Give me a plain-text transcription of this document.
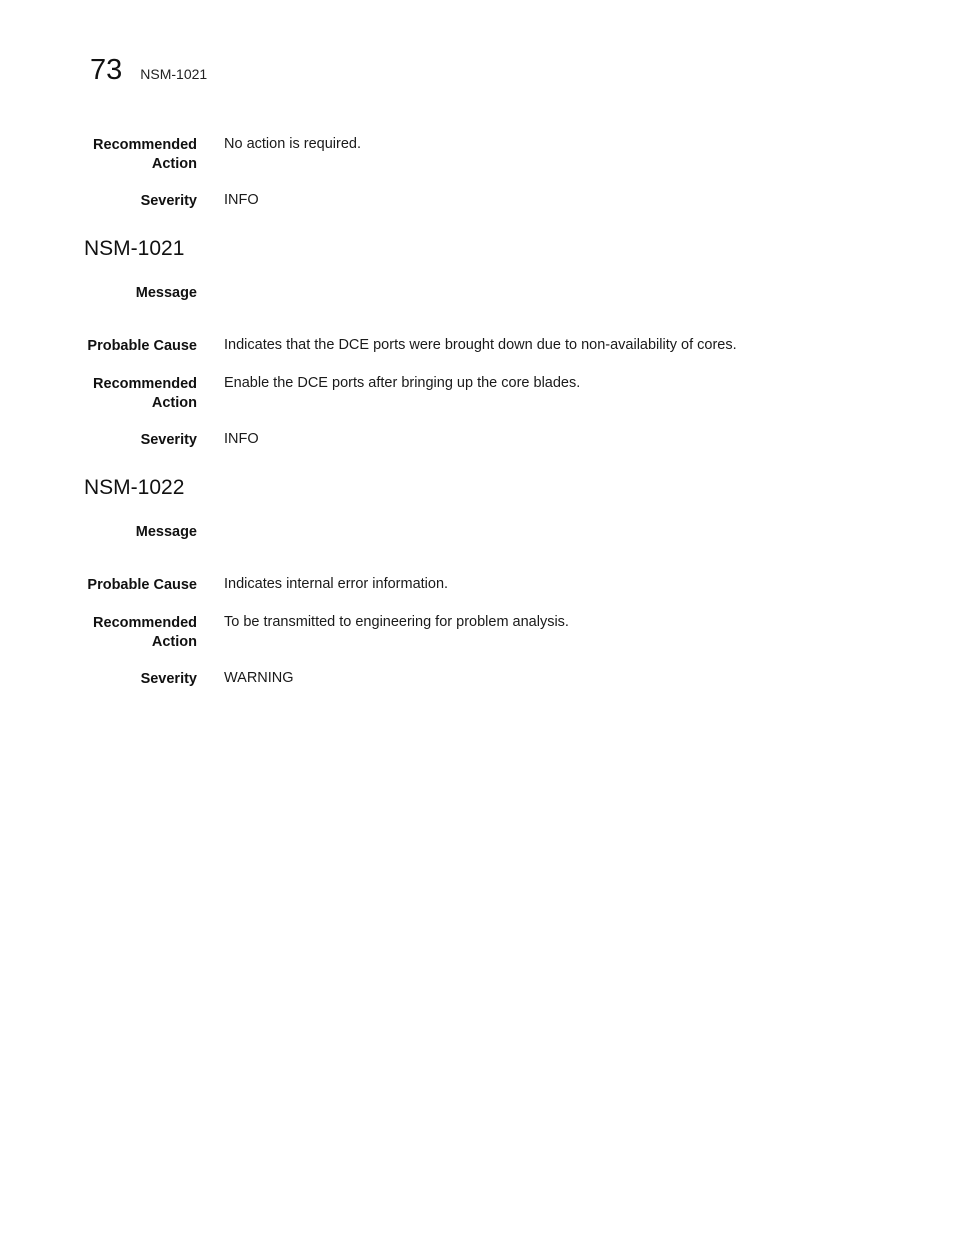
73 NSM-1021
Recommended
Action
No action is required.
Severity INFO
NSM-1021
Message
Probable Cause Indicates that the DCE ports were brought down due to non-availability of cores.
Recommended
Action
Enable the DCE ports after bringing up the core blades.
Severity INFO
NSM-1022
Message
Probable Cause Indicates internal error information.
Recommended
Action
To be transmitted to engineering for problem analysis.
Severity WARNING
